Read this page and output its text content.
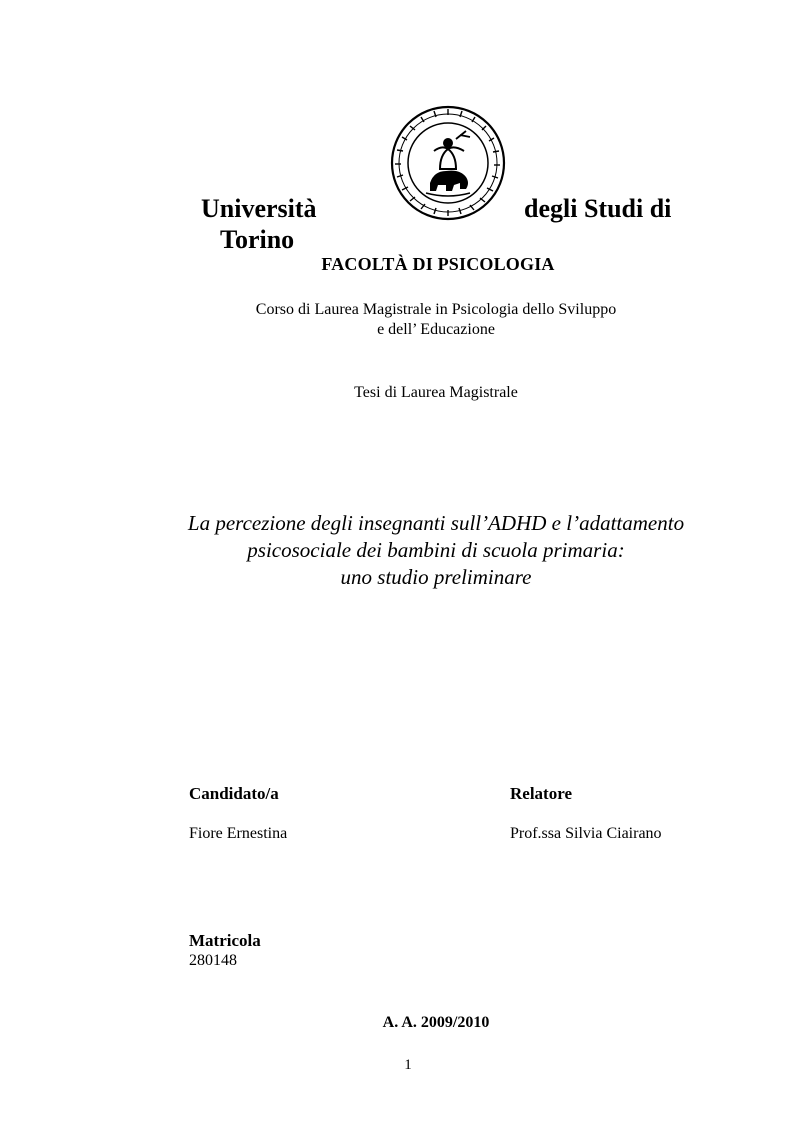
Università	degli Studi di
Torino
FACOLTÀ DI PSICOLOGIA
Corso di Laurea Magistrale in Psicologia dello Sviluppo
e dell’ Educazione
Tesi di Laurea Magistrale
La percezione degli insegnanti sull’ADHD e l’adattamento
psicosociale dei bambini di scuola primaria:
uno studio preliminare
Candidato/a	Relatore
Fiore Ernestina	Prof.ssa Silvia Ciairano
Matricola
280148
A. A. 2009/2010
1
